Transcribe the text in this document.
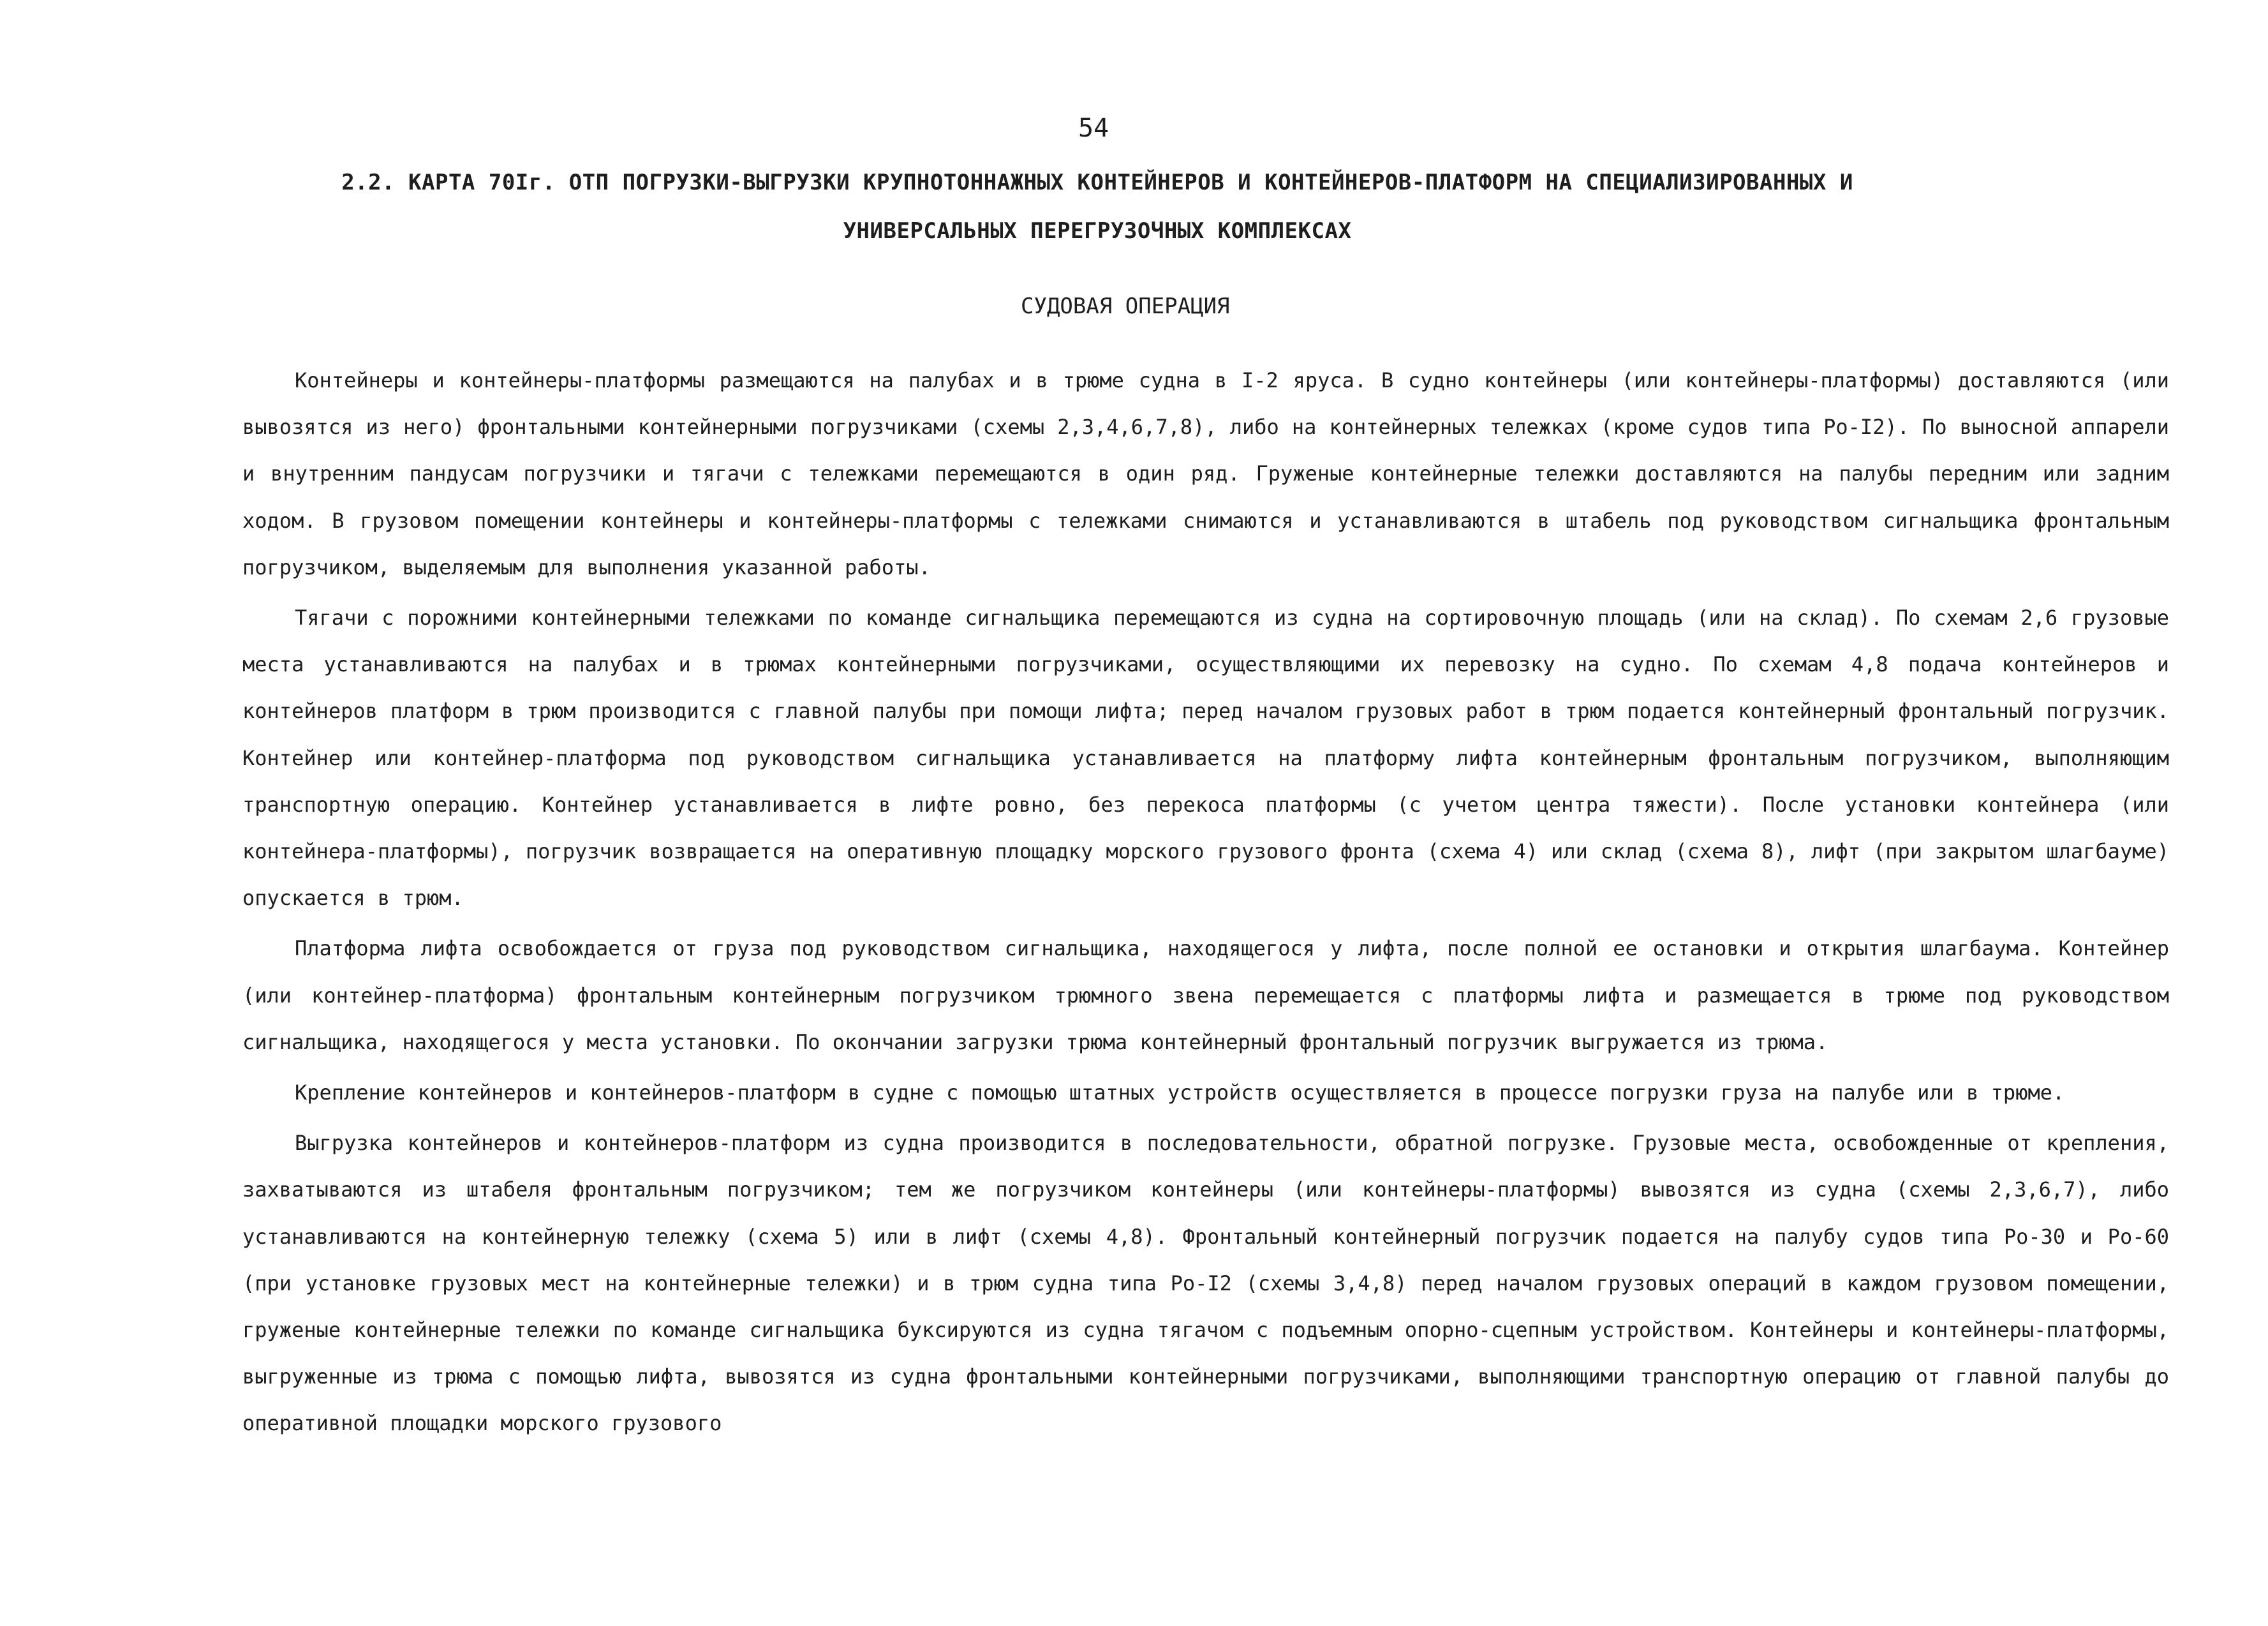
54
2.2. КАРТА 70Iг. ОТП ПОГРУЗКИ-ВЫГРУЗКИ КРУПНОТОННАЖНЫХ КОНТЕЙНЕРОВ И КОНТЕЙНЕРОВ-ПЛАТФОРМ НА СПЕЦИАЛИЗИРОВАННЫХ И
УНИВЕРСАЛЬНЫХ ПЕРЕГРУЗОЧНЫХ КОМПЛЕКСАХ
СУДОВАЯ ОПЕРАЦИЯ

Контейнеры и контейнеры-платформы размещаются на палубах и в трюме судна в I-2 яруса. В судно контейнеры (или контейнеры-платформы) доставляются (или вывозятся из него) фронтальными контейнерными погрузчиками (схемы 2,3,4,6,7,8), либо на контейнерных тележках (кроме судов типа Ро-I2). По выносной аппарели и внутренним пандусам погрузчики и тягачи с тележками перемещаются в один ряд. Груженые контейнерные тележки доставляются на палубы передним или задним ходом. В грузовом помещении контейнеры и контейнеры-платформы с тележками снимаются и устанавливаются в штабель под руководством сигнальщика фронтальным погрузчиком, выделяемым для выполнения указанной работы.

Тягачи с порожними контейнерными тележками по команде сигнальщика перемещаются из судна на сортировочную площадь (или на склад). По схемам 2,6 грузовые места устанавливаются на палубах и в трюмах контейнерными погрузчиками, осуществляющими их перевозку на судно. По схемам 4,8 подача контейнеров и контейнеров платформ в трюм производится с главной палубы при помощи лифта; перед началом грузовых работ в трюм подается контейнерный фронтальный погрузчик. Контейнер или контейнер-платформа под руководством сигнальщика устанавливается на платформу лифта контейнерным фронтальным погрузчиком, выполняющим транспортную операцию. Контейнер устанавливается в лифте ровно, без перекоса платформы (с учетом центра тяжести). После установки контейнера (или контейнера-платформы), погрузчик возвращается на оперативную площадку морского грузового фронта (схема 4) или склад (схема 8), лифт (при закрытом шлагбауме) опускается в трюм.

Платформа лифта освобождается от груза под руководством сигнальщика, находящегося у лифта, после полной ее остановки и открытия шлагбаума. Контейнер (или контейнер-платформа) фронтальным контейнерным погрузчиком трюмного звена перемещается с платформы лифта и размещается в трюме под руководством сигнальщика, находящегося у места установки. По окончании загрузки трюма контейнерный фронтальный погрузчик выгружается из трюма.

Крепление контейнеров и контейнеров-платформ в судне с помощью штатных устройств осуществляется в процессе погрузки груза на палубе или в трюме.

Выгрузка контейнеров и контейнеров-платформ из судна производится в последовательности, обратной погрузке. Грузовые места, освобожденные от крепления, захватываются из штабеля фронтальным погрузчиком; тем же погрузчиком контейнеры (или контейнеры-платформы) вывозятся из судна (схемы 2,3,6,7), либо устанавливаются на контейнерную тележку (схема 5) или в лифт (схемы 4,8). Фронтальный контейнерный погрузчик подается на палубу судов типа Ро-30 и Ро-60 (при установке грузовых мест на контейнерные тележки) и в трюм судна типа Ро-I2 (схемы 3,4,8) перед началом грузовых операций в каждом грузовом помещении, груженые контейнерные тележки по команде сигнальщика буксируются из судна тягачом с подъемным опорно-сцепным устройством. Контейнеры и контейнеры-платформы, выгруженные из трюма с помощью лифта, вывозятся из судна фронтальными контейнерными погрузчиками, выполняющими транспортную операцию от главной палубы до оперативной площадки морского грузового
